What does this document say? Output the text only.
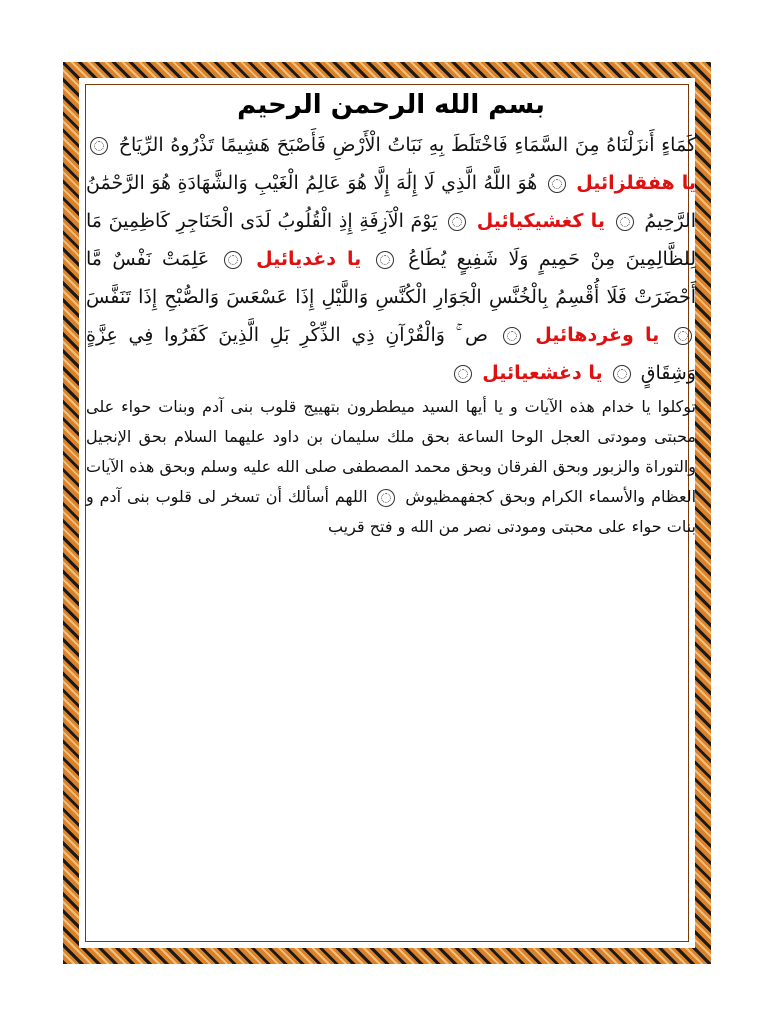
بسم الله الرحمن الرحيم

كَمَاءٍ أَنزَلْنَاهُ مِنَ السَّمَاءِ فَاخْتَلَطَ بِهِ نَبَاتُ الْأَرْضِ فَأَصْبَحَ هَشِيمًا تَذْرُوهُ الرِّيَاحُ  يا هفقلزائيل  هُوَ اللَّهُ الَّذِي لَا إِلَٰهَ إِلَّا هُوَ عَالِمُ الْغَيْبِ وَالشَّهَادَةِ هُوَ الرَّحْمَٰنُ الرَّحِيمُ  يا كغشيكيائيل  يَوْمَ الْآزِفَةِ إِذِ الْقُلُوبُ لَدَى الْحَنَاجِرِ كَاظِمِينَ مَا لِلظَّالِمِينَ مِنْ حَمِيمٍ وَلَا شَفِيعٍ يُطَاعُ  يا دغديائيل  عَلِمَتْ نَفْسٌ مَّا أَحْضَرَتْ فَلَا أُقْسِمُ بِالْخُنَّسِ الْجَوَارِ الْكُنَّسِ وَاللَّيْلِ إِذَا عَسْعَسَ وَالصُّبْحِ إِذَا تَنَفَّسَ  يا وغردهائيل  ص ۚ وَالْقُرْآنِ ذِي الذِّكْرِ بَلِ الَّذِينَ كَفَرُوا فِي عِزَّةٍ وَشِقَاقٍ  يا دغشعيائيل

توكلوا يا خدام هذه الآيات و يا أيها السيد ميططرون بتهييج قلوب بنى آدم وبنات حواء على محبتى ومودتى العجل الوحا الساعة بحق ملك سليمان بن داود عليهما السلام بحق الإنجيل والتوراة والزبور وبحق الفرقان وبحق محمد المصطفى صلى الله عليه وسلم وبحق هذه الآيات العظام والأسماء الكرام وبحق كجفهمظيوش  اللهم أسألك أن تسخر لى قلوب بنى آدم و بنات حواء على محبتى ومودتى نصر من الله و فتح قريب
